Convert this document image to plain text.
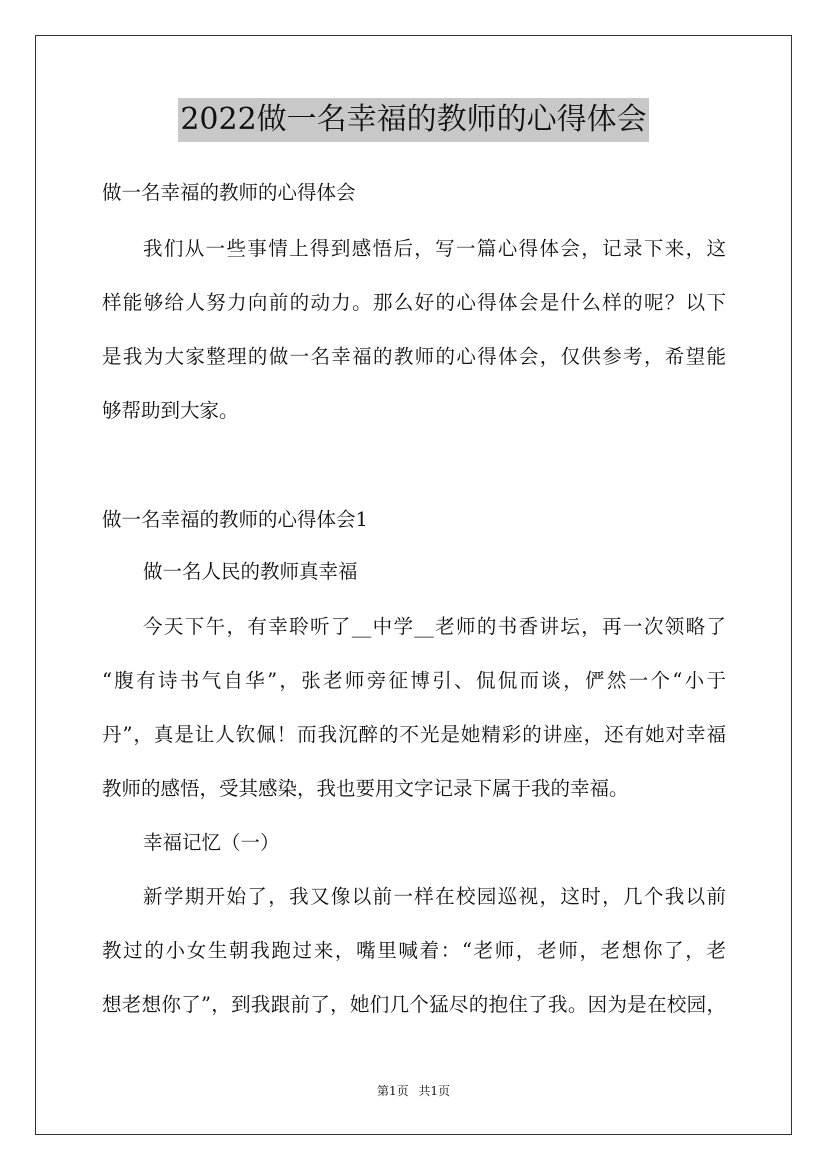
2022做一名幸福的教师的心得体会
做一名幸福的教师的心得体会
我们从一些事情上得到感悟后，写一篇心得体会，记录下来，这
样能够给人努力向前的动力。那么好的心得体会是什么样的呢？以下
是我为大家整理的做一名幸福的教师的心得体会，仅供参考，希望能
够帮助到大家。
做一名幸福的教师的心得体会1
做一名人民的教师真幸福
今天下午，有幸聆听了__中学__老师的书香讲坛，再一次领略了
“腹有诗书气自华”，张老师旁征博引、侃侃而谈，俨然一个“小于
丹”，真是让人钦佩！而我沉醉的不光是她精彩的讲座，还有她对幸福
教师的感悟，受其感染，我也要用文字记录下属于我的幸福。
幸福记忆（一）
新学期开始了，我又像以前一样在校园巡视，这时，几个我以前
教过的小女生朝我跑过来，嘴里喊着：“老师，老师，老想你了，老
想老想你了”，到我跟前了，她们几个猛尽的抱住了我。因为是在校园，
第1页 共1页
